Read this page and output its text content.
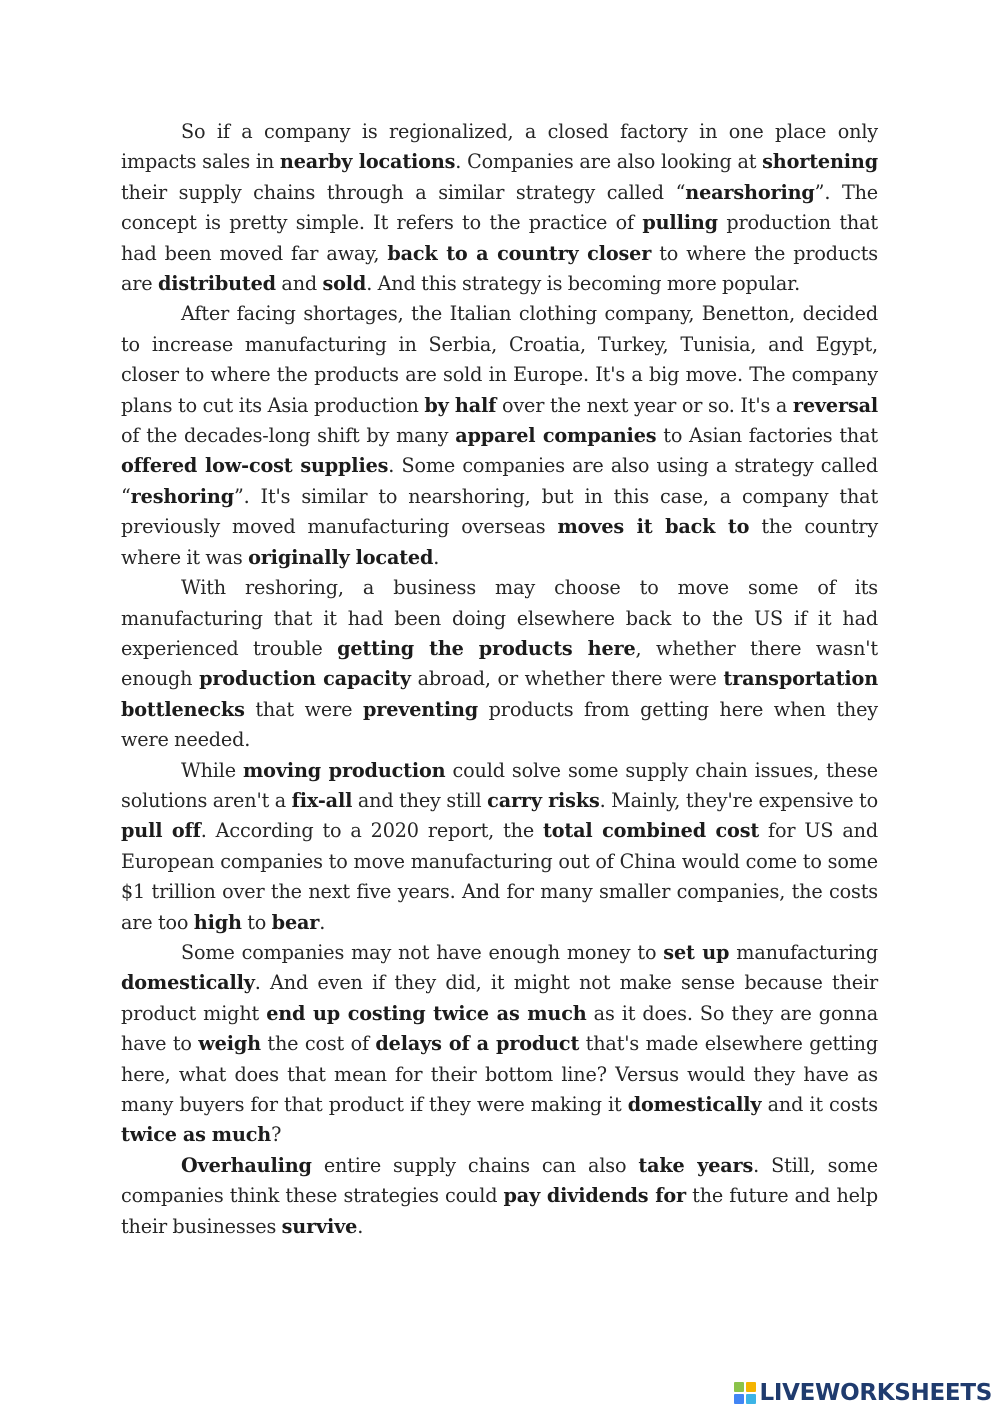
So if a company is regionalized, a closed factory in one place only impacts sales in nearby locations. Companies are also looking at shortening their supply chains through a similar strategy called “nearshoring”. The concept is pretty simple. It refers to the practice of pulling production that had been moved far away, back to a country closer to where the products are distributed and sold. And this strategy is becoming more popular.

After facing shortages, the Italian clothing company, Benetton, decided to increase manufacturing in Serbia, Croatia, Turkey, Tunisia, and Egypt, closer to where the products are sold in Europe. It's a big move. The company plans to cut its Asia production by half over the next year or so. It's a reversal of the decades-long shift by many apparel companies to Asian factories that offered low-cost supplies. Some companies are also using a strategy called “reshoring”. It's similar to nearshoring, but in this case, a company that previously moved manufacturing overseas moves it back to the country where it was originally located.

With reshoring, a business may choose to move some of its manufacturing that it had been doing elsewhere back to the US if it had experienced trouble getting the products here, whether there wasn't enough production capacity abroad, or whether there were transportation bottlenecks that were preventing products from getting here when they were needed.

While moving production could solve some supply chain issues, these solutions aren't a fix-all and they still carry risks. Mainly, they're expensive to pull off. According to a 2020 report, the total combined cost for US and European companies to move manufacturing out of China would come to some $1 trillion over the next five years. And for many smaller companies, the costs are too high to bear.

Some companies may not have enough money to set up manufacturing domestically. And even if they did, it might not make sense because their product might end up costing twice as much as it does. So they are gonna have to weigh the cost of delays of a product that's made elsewhere getting here, what does that mean for their bottom line? Versus would they have as many buyers for that product if they were making it domestically and it costs twice as much?

Overhauling entire supply chains can also take years. Still, some companies think these strategies could pay dividends for the future and help their businesses survive.

LIVEWORKSHEETS
